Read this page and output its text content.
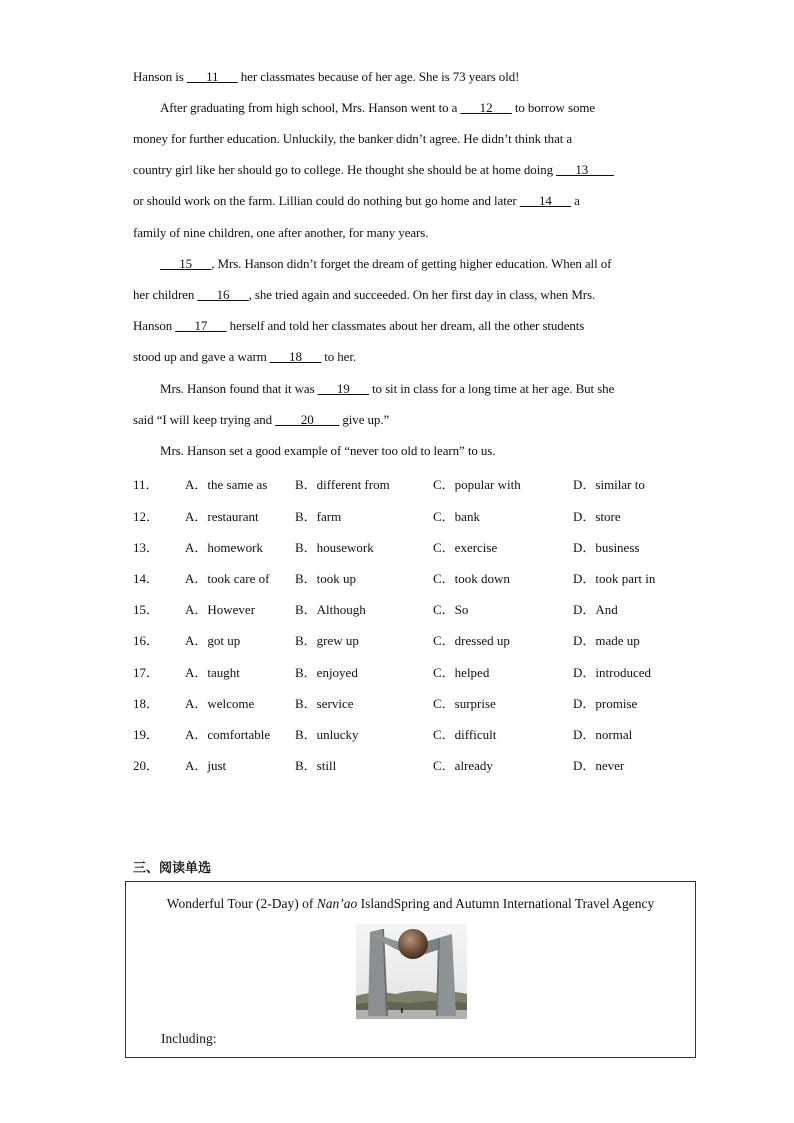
Hanson is ___11___ her classmates because of her age. She is 73 years old!
After graduating from high school, Mrs. Hanson went to a ___12___ to borrow some
money for further education. Unluckily, the banker didn’t agree. He didn’t think that a
country girl like her should go to college. He thought she should be at home doing ___13____
or should work on the farm. Lillian could do nothing but go home and later ___14___ a
family of nine children, one after another, for many years.
___15___, Mrs. Hanson didn’t forget the dream of getting higher education. When all of
her children ___16___, she tried again and succeeded. On her first day in class, when Mrs.
Hanson ___17___ herself and told her classmates about her dream, all the other students
stood up and gave a warm ___18___ to her.
Mrs. Hanson found that it was ___19___ to sit in class for a long time at her age. But she
said “I will keep trying and ____20____ give up.”
Mrs. Hanson set a good example of “never too old to learn” to us.
11． A．the same as B．different from	C．popular with	D．similar to
12． A．restaurant	B．farm	C．bank	D．store
13． A．homework B．housework	C．exercise	D．business
14． A．took care of B．took up	C．took down	D．took part in
15． A．However	B．Although	C．So	D．And
16． A．got up	B．grew up	C．dressed up	D．made up
17． A．taught	B．enjoyed	C．helped	D．introduced
18． A．welcome	B．service	C．surprise	D．promise
19． A．comfortable B．unlucky	C．difficult	D．normal
20． A．just	B．still	C．already	D．never
三、阅读单选
Wonderful Tour (2-Day) of Nan’ao IslandSpring and Autumn International Travel Agency
Including:
